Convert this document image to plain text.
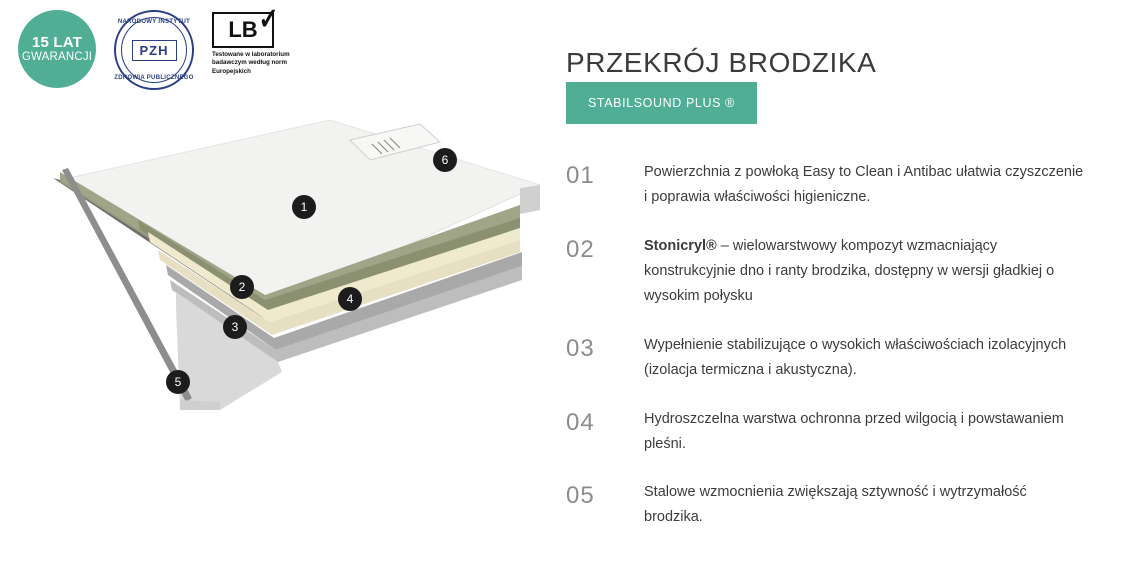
15 LAT
GWARANCJI
NARODOWY INSTYTUT
PZH
ZDROWIA PUBLICZNEGO
LB ✓
Testowane w laboratorium badawczym według norm Europejskich
1
2
3
4
5
6
PRZEKRÓJ BRODZIKA
STABILSOUND PLUS ®
01	Powierzchnia z powłoką Easy to Clean i Antibac ułatwia czyszczenie i poprawia właściwości higieniczne.
02	Stonicryl® – wielowarstwowy kompozyt wzmacniający konstrukcyjnie dno i ranty brodzika, dostępny w wersji gładkiej o wysokim połysku
03	Wypełnienie stabilizujące o wysokich właściwościach izolacyjnych (izolacja termiczna i akustyczna).
04	Hydroszczelna warstwa ochronna przed wilgocią i powstawaniem pleśni.
05	Stalowe wzmocnienia zwiększają sztywność i wytrzymałość brodzika.
